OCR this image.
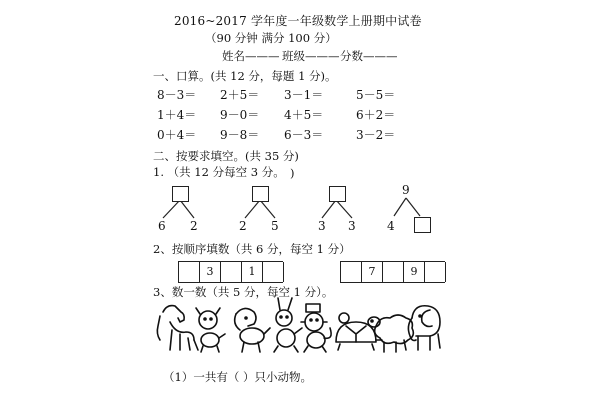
2016~2017 学年度一年级数学上册期中试卷
（90 分钟 满分 100 分）
姓名——— 班级——— 分数———
一、口算。(共 12 分，每题 1 分)。
8－3＝ 2＋5＝ 3－1＝	5－5＝
1＋4＝ 9－0＝ 4＋5＝	6＋2＝
0＋4＝ 9－8＝ 6－3＝	3－2＝
二、按要求填空。(共 35 分)
1. （共 12 分每空 3 分。 )
6 2	2 5	3 3
9
4
2、按顺序填数（共 6 分，每空 1 分）
3	1	7	9
3、数一数（共 5 分，每空 1 分）。
（1）一共有（ ）只小动物。
